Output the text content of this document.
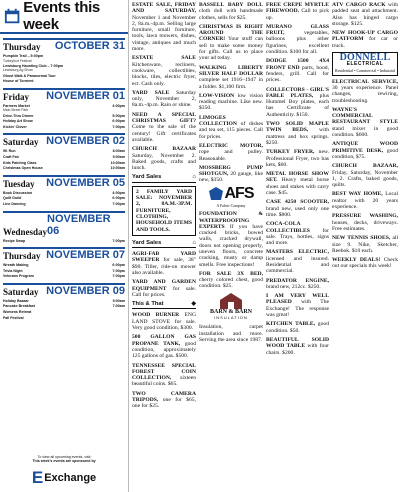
Events this week
Thursday OCTOBER 31
Pumpkin Trail – 5:00pm
Turkeyfoot Festival
Lewisburg Haunting Club – 7:00pm
Lewisburg Ag Show
Ghost Walk & Paranormal Tour
House of Torment
Friday NOVEMBER 01
Farmers Market	4:00pm
Main Street Park
Drive-Thru Dinner	5:00pm
Holiday Art Show	6:00pm
Kickin' Clover	7:00pm
Saturday NOVEMBER 02
5K Run	8:00am
Craft Fair	9:00am
Kids Painting Class	10:00am
Christmas Open House	10:00am
Tuesday NOVEMBER 05
Book Discussion	4:00pm
Quilt Guild	6:00pm
Line Dancing	7:00pm
Wednesday
NOVEMBER 06
Recipe Swap	7:00pm
Thursday NOVEMBER 07
Wreath Making	6:00pm
Trivia Night	7:00pm
Veterans Program	7:00pm
Saturday NOVEMBER 09
Holiday Bazaar	9:00am
Pancake Breakfast	7:00am
Womens Retreat
Fall Festival
To view all upcoming events, visit
This week's events are sponsored by
E Exchange

ESTATE SALE, FRIDAY AND SATURDAY, November 1 and November 2, 8a.m.-4p.m. Selling large furniture, small furniture, tools, lawn mowers, dishes, vintage, antiques and much more.

ESTATE SALE Kitchenware, recliners, cookware, collectibles, blocks, tiles, electric fryer, ect. Cash only.

YARD SALE Saturday only, November 2, 8a.m.-4p.m. Rain or shine.

NEED A SPECIAL CHRISTMAS GIFT? Come to the sale of the century! Gift certificates available.

CHURCH BAZAAR Saturday, November 2. Baked goods, crafts and lunch.

Yard Sales	⌂
2 FAMILY YARD SALE: NOVEMBER 2, 8A.M.-3P.M. FURNITURE, CLOTHING, HOUSEHOLD ITEMS AND TOOLS.
Yard Sales	⌂

AGRI-FAB YARD SWEEPER for sale, 38" $90. Tiller, ride-on mower also available.

YARD AND GARDEN EQUIPMENT for sale. Call for prices.

This & That	◆

WOOD BURNER ENG LAND STOVE for sale. Very good condition, $300.

500 GALLON GAS PROPANE TANK, good condition, approximately 125 gallons of gas. $500.

TENNESSEE SPECIAL FOREST COIN COLLECTION, sixteen beautiful coins. $65.

TWO CAMERA TRIPODS, one for $65, one for $25.

BASSELL BABY DOLL cloth doll with handmade clothes, sells for $25.

CHRISTMAS IS RIGHT AROUND THE CORNER! Your stuff can sell to make some money for gifts. Call us to place your ad today.

WALKING LIBERTY SILVER HALF DOLLAR complete set 1916–1947 in a folder. $1,100 firm.

LOW-VISION low vision reading machine. Like new. $350.

LIMOGES COLLECTION of dishes and tea set, 115 pieces. Call for prices.

ELECTRIC MOTOR, rope and pulley. Reasonable.

MOSSBERG PUMP SHOTGUN, 20 gauge, like new, $350.

AFS
A Fabric Company

FOUNDATION & WATERPROOFING EXPERTS If you have cracked bricks, bowed walls, cracked drywall, doors not opening properly, uneven floors, concrete cracking, musty or damp smells. Free inspections!

FOR SALE 3X BED, cherry colored chest, good condition. $25.

BARN & BARN
INSULATION

Insulation, carpet installation and more. Serving the area since 1987.

FREE CREPE MYRTLE FIREWOOD. Call to pick up.

MURANO GLASS FRUIT,	vegetables, balloons plus other figurines, excellent condition. $100 for all.

DODGE 1500 4X4 FRONT END parts, hood, fenders, grill. Call for prices.

COLLECTORS - GIRL'S FABLE PLATES, plus Hummel Boy plates, each has Certificate of Authenticity. $150.

TWO SOLID MAPLE TWIN BEDS, with mattress and box springs. $250.

TURKEY FRYER, new. Professional Fryer, two bas kets, $60.

METAL HORSE SHOW SET. Heavy metal horse shoes and stakes with carry case. $45.

CASE 4250 SCOOTER, brand new, used only one time. $800.

COCA-COLA COLLECTIBLES for sale. Trays, bottles, signs and more.

MASTERS ELECTRIC, licensed and insured. Residential and commercial.

PREDATOR ENGINE, brand new, 212cc. $250.

I AM VERY WELL PLEASED with The Exchange! The response was great!

KITCHEN TABLE, good condition. $50.

BEAUTIFUL SOLID WOOD TABLE with four chairs. $200.

ATV CARGO RACK with padded seat and attachment. Also has hinged cargo storage. $125.

NEW HOOK-UP CARGO PLATFORM for car or truck.

DONNELL
ELECTRICAL
Residential • Commercial • Industrial

ELECTRICAL SERVICE, 30 years experience. Panel changes, rewiring, troubleshooting.

WAYNE'S COMMERCIAL RESTAURANT STYLE stand mixer in good condition. $600.

ANTIQUE WOOD PRIMITIVE DESK, good condition, $75.

CHURCH BAZAAR, Friday, Saturday, November 1, 2. Crafts, baked goods, quilts.

BEST WAY HOME, Local realtor with 20 years experience.

PRESSURE WASHING, houses, decks, driveways. Free estimates.

NEW TENNIS SHOES, all size 9. Nike, Sketcher, Reebok. $10 each.

WEEKLY DEALS! Check out our specials this week!
